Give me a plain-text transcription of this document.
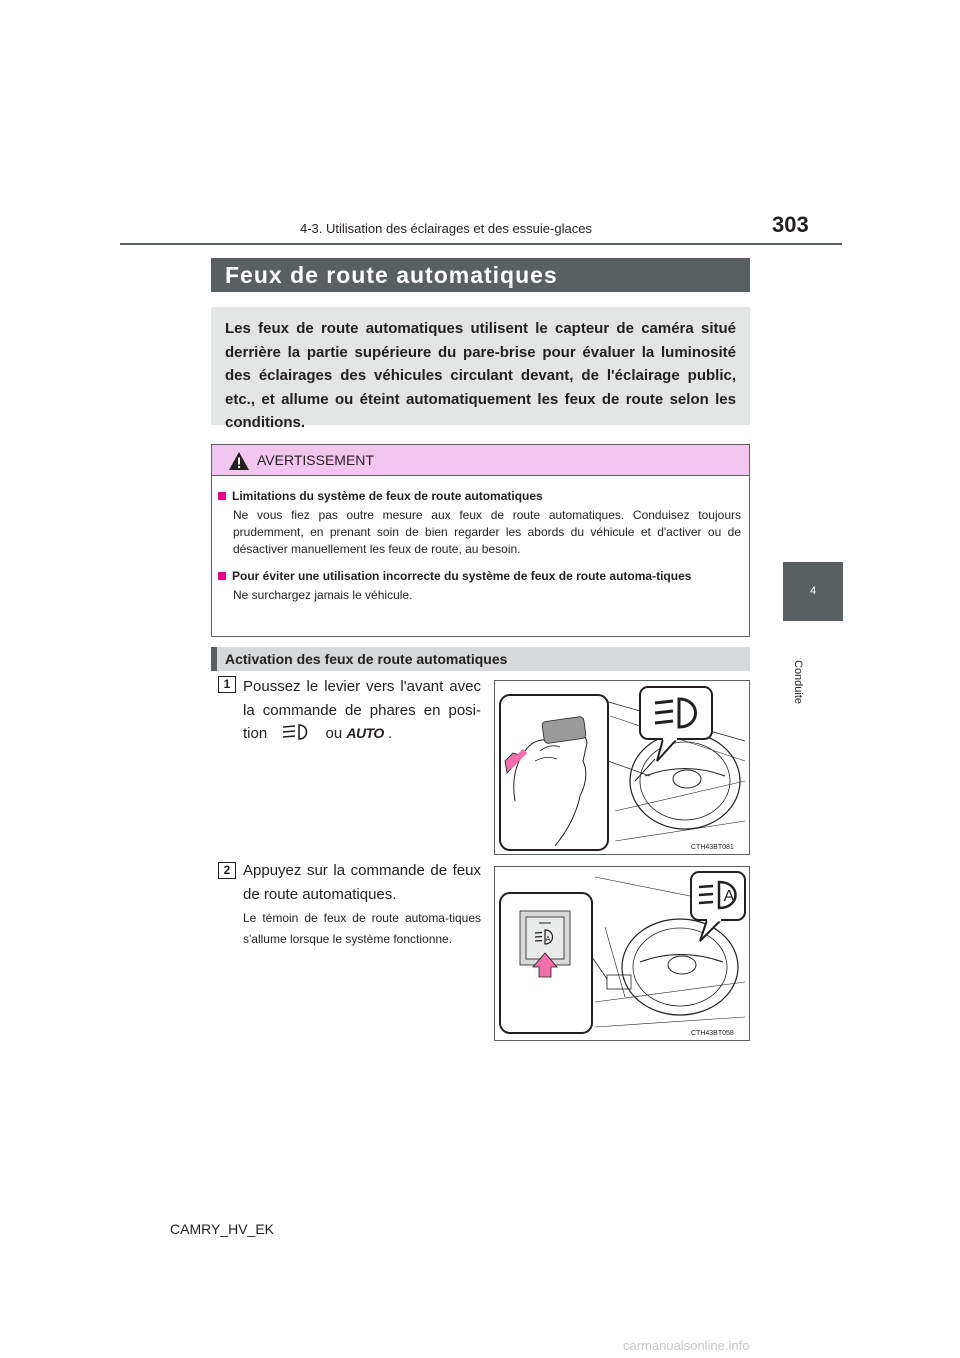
4-3. Utilisation des éclairages et des essuie-glaces	303
4
Conduite
Feux de route automatiques
Les feux de route automatiques utilisent le capteur de caméra situé derrière la partie supérieure du pare-brise pour évaluer la luminosité des éclairages des véhicules circulant devant, de l'éclairage public, etc., et allume ou éteint automatiquement les feux de route selon les conditions.
AVERTISSEMENT
Limitations du système de feux de route automatiques
Ne vous fiez pas outre mesure aux feux de route automatiques. Conduisez toujours prudemment, en prenant soin de bien regarder les abords du véhicule et d'activer ou de désactiver manuellement les feux de route, au besoin.
Pour éviter une utilisation incorrecte du système de feux de route automa-tiques
Ne surchargez jamais le véhicule.
Activation des feux de route automatiques
1 Poussez le levier vers l'avant avec la commande de phares en posi-tion	ou AUTO .
CTH43BT081
2 Appuyez sur la commande de feux de route automatiques.
Le témoin de feux de route automa-tiques s'allume lorsque le système fonctionne.
A
A
CTH43BT058
CAMRY_HV_EK
carmanualsonline.info
